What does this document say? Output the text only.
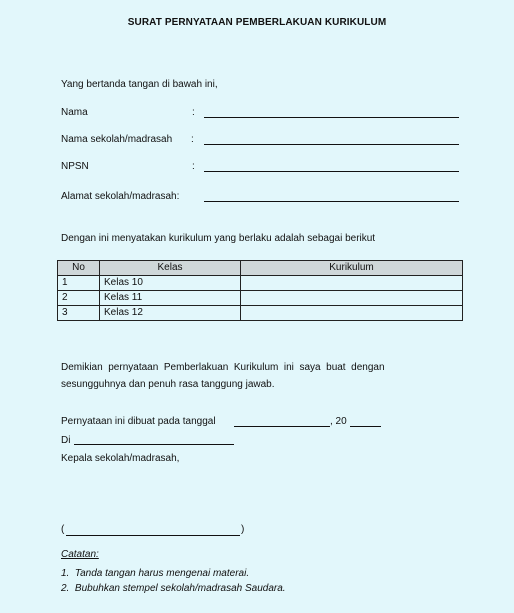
SURAT PERNYATAAN PEMBERLAKUAN KURIKULUM
Yang bertanda tangan di bawah ini,
Nama	:
Nama sekolah/madrasah :
NPSN	:
Alamat sekolah/madrasah:
Dengan ini menyatakan kurikulum yang berlaku adalah sebagai berikut
No	Kelas	Kurikulum
1	Kelas 10	
2	Kelas 11	
3	Kelas 12	
Demikian  pernyataan  Pemberlakuan  Kurikulum  ini  saya  buat  dengan
sesungguhnya dan penuh rasa tanggung jawab.
Pernyataan ini dibuat pada tanggal	, 20
Di
Kepala sekolah/madrasah,
(	)
Catatan:
1.  Tanda tangan harus mengenai materai.
2.  Bubuhkan stempel sekolah/madrasah Saudara.
